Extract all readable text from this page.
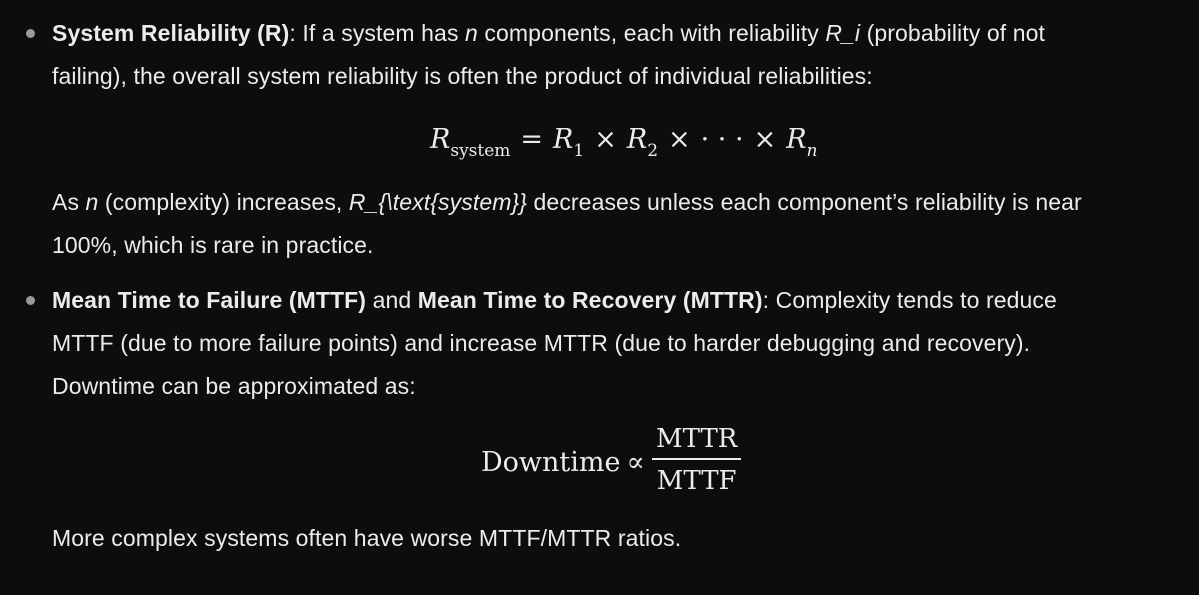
System Reliability (R): If a system has n components, each with reliability R_i (probability of not
failing), the overall system reliability is often the product of individual reliabilities:
$R_{system} = R_1 \times R_2$ × · · · × $R_n$
As n (complexity) increases, R_{\text{system}} decreases unless each component’s reliability is near
100%, which is rare in practice.
Mean Time to Failure (MTTF) and Mean Time to Recovery (MTTR): Complexity tends to reduce
MTTF (due to more failure points) and increase MTTR (due to harder debugging and recovery).
Downtime can be approximated as:
Downtime ∝
MTTR
MTTF
More complex systems often have worse MTTF/MTTR ratios.
